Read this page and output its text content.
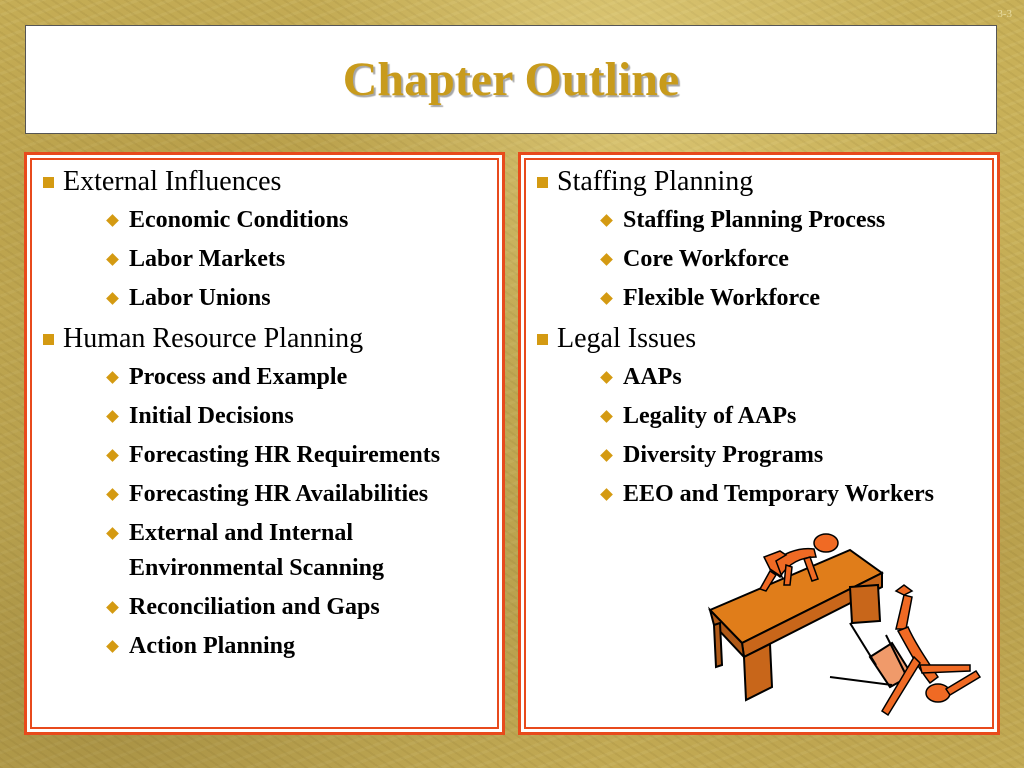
3-3
Chapter Outline
External Influences
Economic Conditions
Labor Markets
Labor Unions
Human Resource Planning
Process and Example
Initial Decisions
Forecasting HR Requirements
Forecasting HR Availabilities
External and Internal Environmental Scanning
Reconciliation and Gaps
Action Planning
Staffing Planning
Staffing Planning Process
Core Workforce
Flexible Workforce
Legal Issues
AAPs
Legality of AAPs
Diversity Programs
EEO and Temporary Workers
